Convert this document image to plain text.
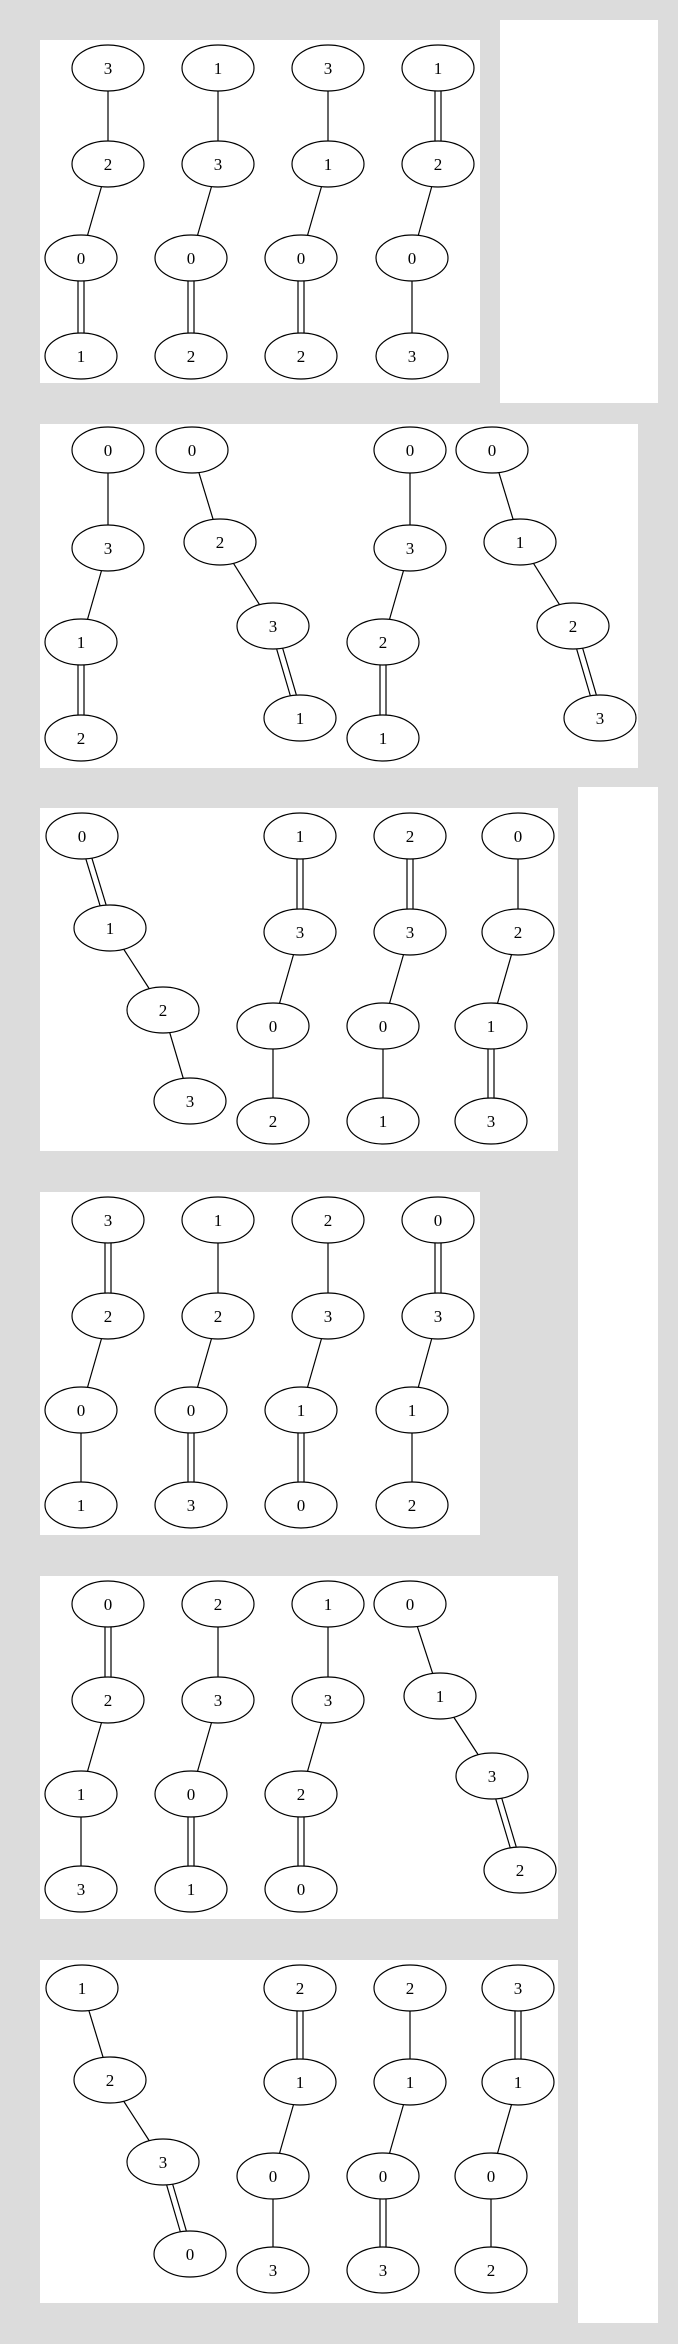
3
2
0
1
1
3
0
2
3
1
0
2
1
2
0
3
0
3
1
2
0
2
3
1
0
3
2
1
0
1
2
3
0
1
2
3
1
3
0
2
2
3
0
1
0
2
1
3
3
2
0
1
1
2
0
3
2
3
1
0
0
3
1
2
0
2
1
3
2
3
0
1
1
3
2
0
0
1
3
2
1
2
3
0
2
1
0
3
2
1
0
3
3
1
0
2
